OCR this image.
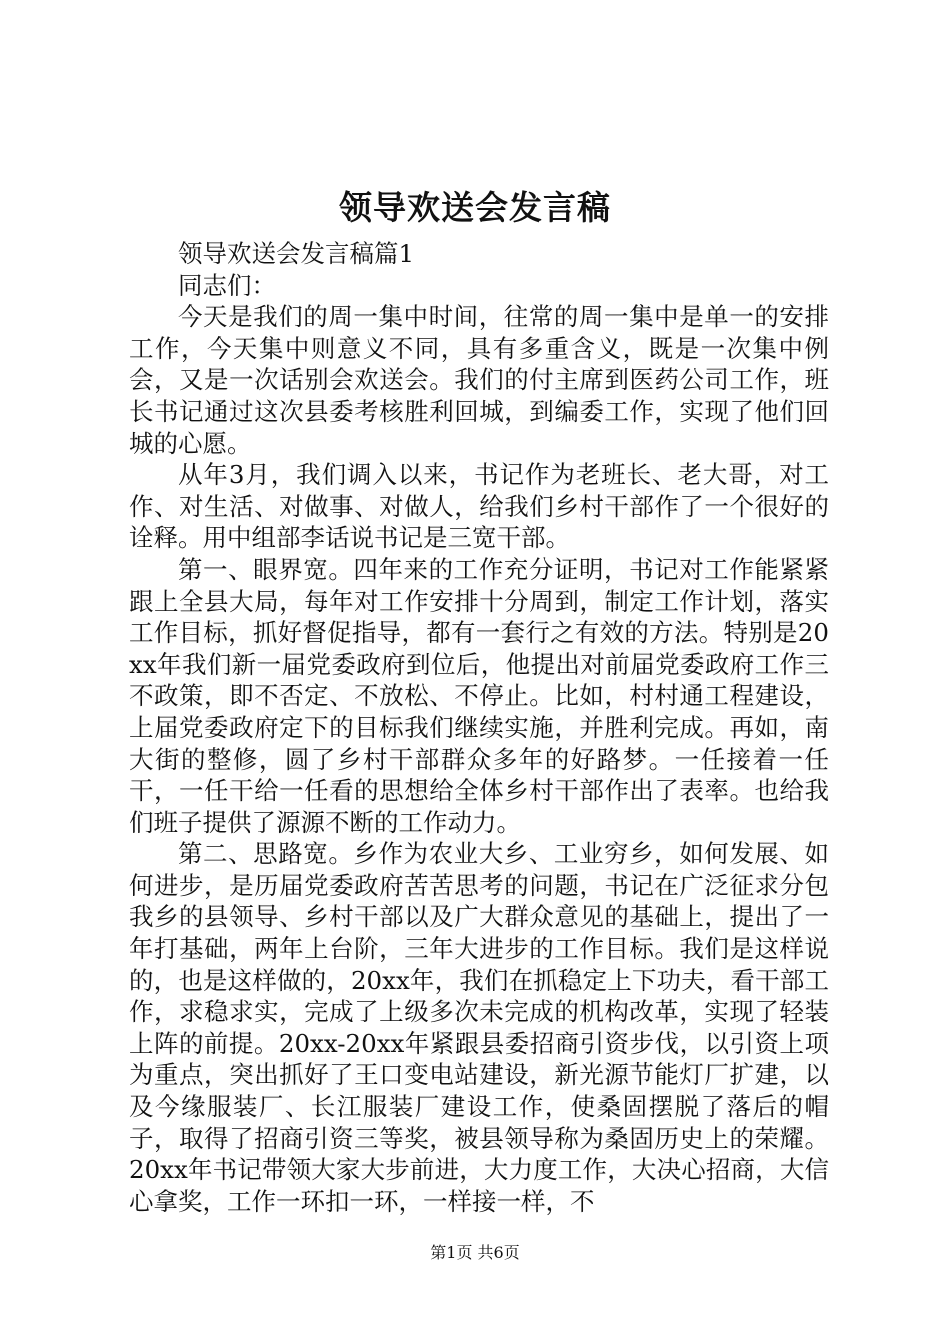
领导欢送会发言稿

领导欢送会发言稿篇1

同志们：

今天是我们的周一集中时间，往常的周一集中是单一的安排工作，今天集中则意义不同，具有多重含义，既是一次集中例会，又是一次话别会欢送会。我们的付主席到医药公司工作，班长书记通过这次县委考核胜利回城，到编委工作，实现了他们回城的心愿。

从年3月，我们调入以来，书记作为老班长、老大哥，对工作、对生活、对做事、对做人，给我们乡村干部作了一个很好的诠释。用中组部李话说书记是三宽干部。

第一、眼界宽。四年来的工作充分证明，书记对工作能紧紧跟上全县大局，每年对工作安排十分周到，制定工作计划，落实工作目标，抓好督促指导，都有一套行之有效的方法。特别是20xx年我们新一届党委政府到位后，他提出对前届党委政府工作三不政策，即不否定、不放松、不停止。比如，村村通工程建设，上届党委政府定下的目标我们继续实施，并胜利完成。再如，南大街的整修，圆了乡村干部群众多年的好路梦。一任接着一任干，一任干给一任看的思想给全体乡村干部作出了表率。也给我们班子提供了源源不断的工作动力。

第二、思路宽。乡作为农业大乡、工业穷乡，如何发展、如何进步，是历届党委政府苦苦思考的问题，书记在广泛征求分包我乡的县领导、乡村干部以及广大群众意见的基础上，提出了一年打基础，两年上台阶，三年大进步的工作目标。我们是这样说的，也是这样做的，20xx年，我们在抓稳定上下功夫，看干部工作，求稳求实，完成了上级多次未完成的机构改革，实现了轻装上阵的前提。20xx-20xx年紧跟县委招商引资步伐，以引资上项为重点，突出抓好了王口变电站建设，新光源节能灯厂扩建，以及今缘服装厂、长江服装厂建设工作，使桑固摆脱了落后的帽子，取得了招商引资三等奖，被县领导称为桑固历史上的荣耀。20xx年书记带领大家大步前进，大力度工作，大决心招商，大信心拿奖，工作一环扣一环，一样接一样，不

第1页 共6页
